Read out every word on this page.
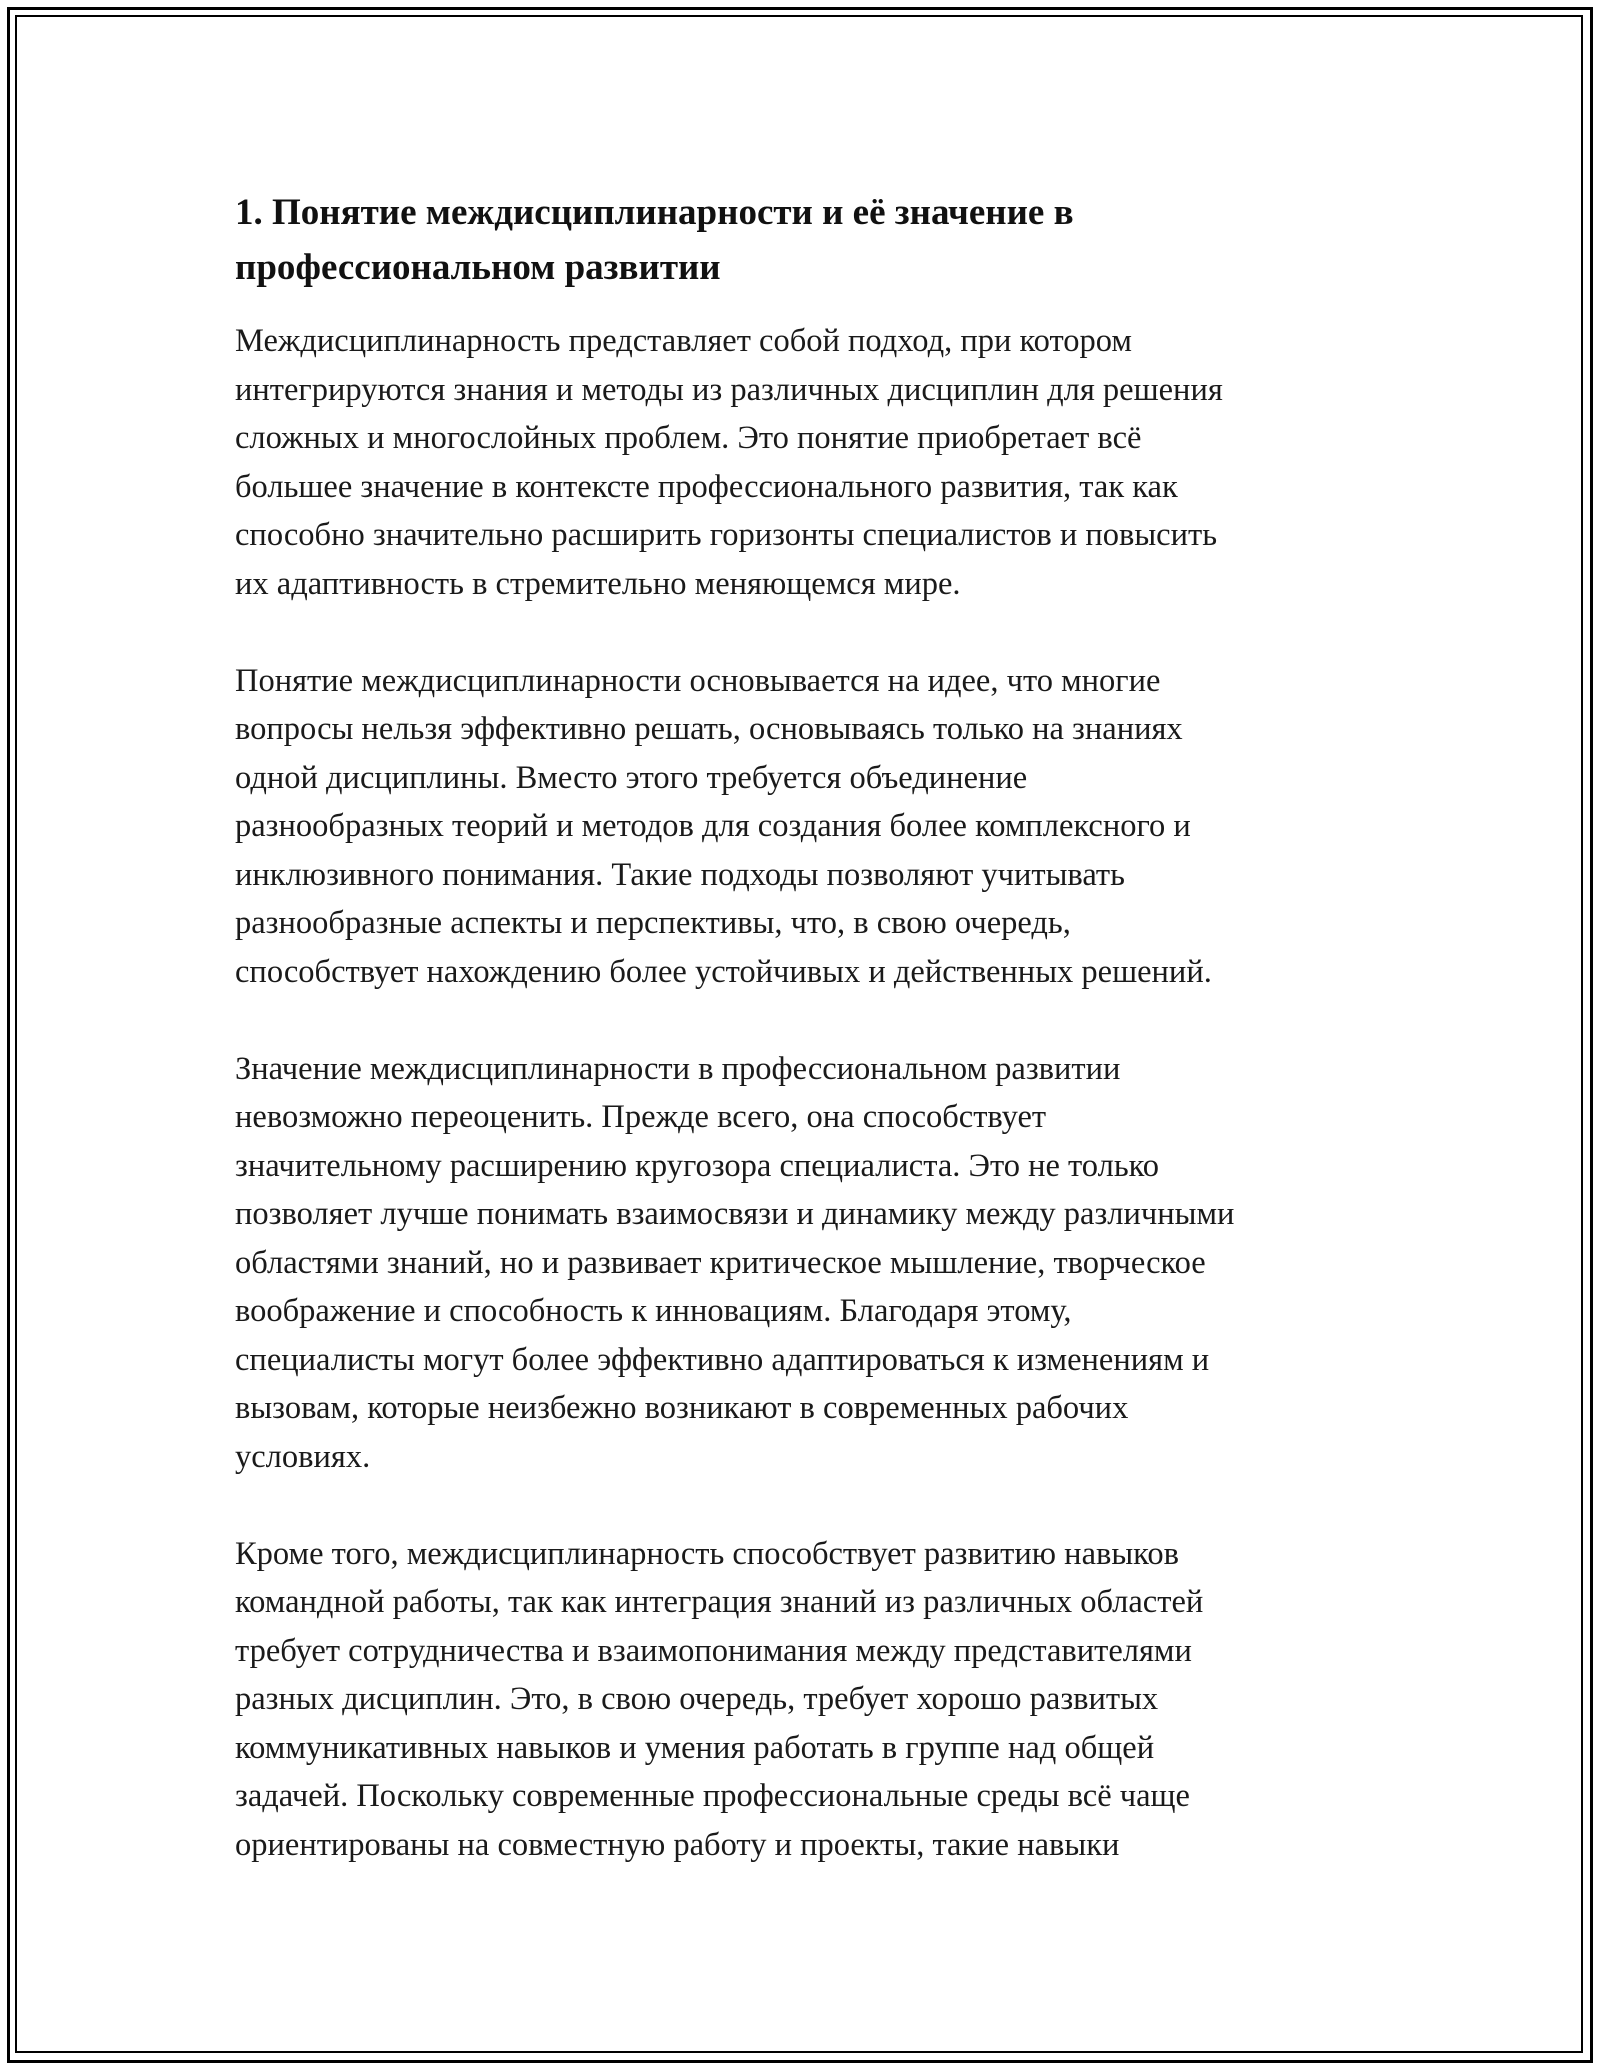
1. Понятие междисциплинарности и её значение в
профессиональном развитии
Междисциплинарность представляет собой подход, при котором
интегрируются знания и методы из различных дисциплин для решения
сложных и многослойных проблем. Это понятие приобретает всё
большее значение в контексте профессионального развития, так как
способно значительно расширить горизонты специалистов и повысить
их адаптивность в стремительно меняющемся мире.
Понятие междисциплинарности основывается на идее, что многие
вопросы нельзя эффективно решать, основываясь только на знаниях
одной дисциплины. Вместо этого требуется объединение
разнообразных теорий и методов для создания более комплексного и
инклюзивного понимания. Такие подходы позволяют учитывать
разнообразные аспекты и перспективы, что, в свою очередь,
способствует нахождению более устойчивых и действенных решений.
Значение междисциплинарности в профессиональном развитии
невозможно переоценить. Прежде всего, она способствует
значительному расширению кругозора специалиста. Это не только
позволяет лучше понимать взаимосвязи и динамику между различными
областями знаний, но и развивает критическое мышление, творческое
воображение и способность к инновациям. Благодаря этому,
специалисты могут более эффективно адаптироваться к изменениям и
вызовам, которые неизбежно возникают в современных рабочих
условиях.
Кроме того, междисциплинарность способствует развитию навыков
командной работы, так как интеграция знаний из различных областей
требует сотрудничества и взаимопонимания между представителями
разных дисциплин. Это, в свою очередь, требует хорошо развитых
коммуникативных навыков и умения работать в группе над общей
задачей. Поскольку современные профессиональные среды всё чаще
ориентированы на совместную работу и проекты, такие навыки
